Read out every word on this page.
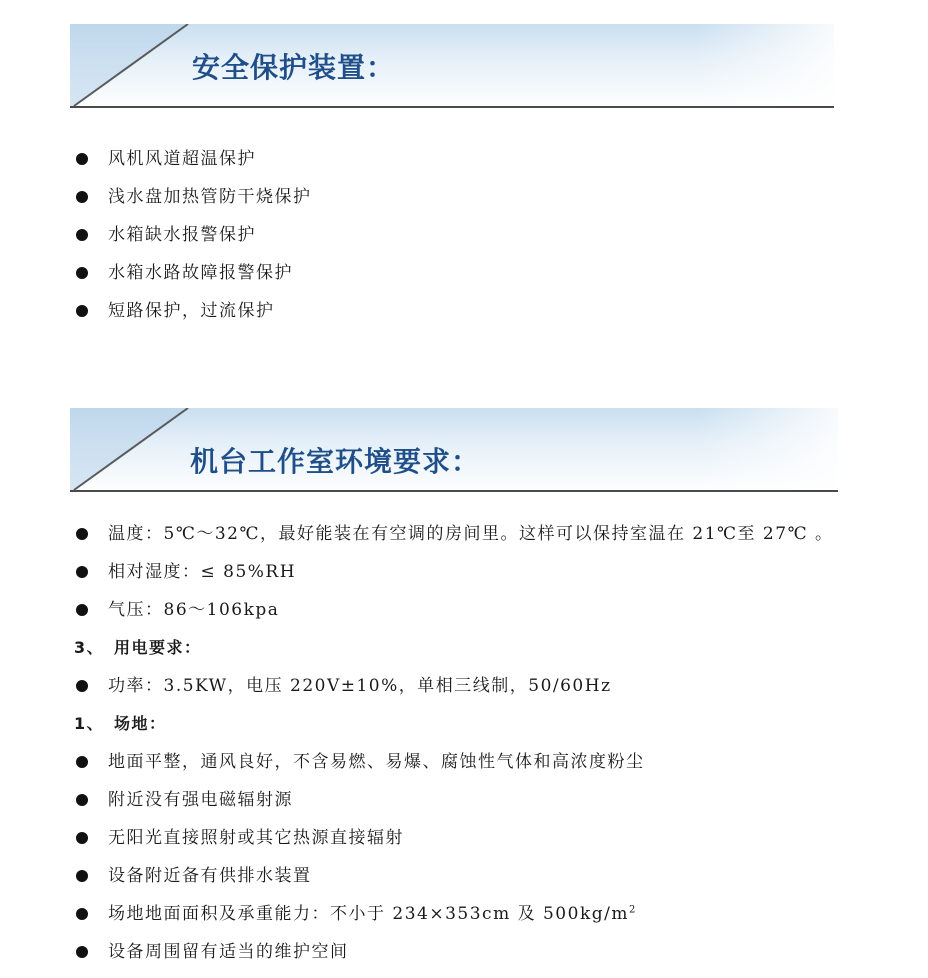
安全保护装置：
风机风道超温保护
浅水盘加热管防干烧保护
水箱缺水报警保护
水箱水路故障报警保护
短路保护，过流保护
机台工作室环境要求：
温度：5℃～32℃，最好能装在有空调的房间里。这样可以保持室温在 21℃至 27℃ 。
相对湿度：≤ 85%RH
气压：86～106kpa
3、 用电要求：
功率：3.5KW，电压 220V±10%，单相三线制，50/60Hz
1、 场地：
地面平整，通风良好，不含易燃、易爆、腐蚀性气体和高浓度粉尘
附近没有强电磁辐射源
无阳光直接照射或其它热源直接辐射
设备附近备有供排水装置
场地地面面积及承重能力：不小于 234×353cm 及 $500kg/m^2$
设备周围留有适当的维护空间
